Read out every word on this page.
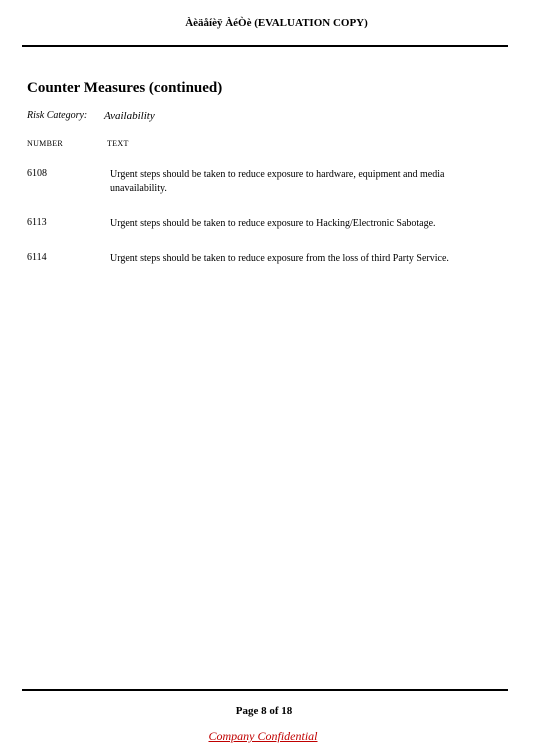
Àèäåíèÿ ÀéÒè (EVALUATION COPY)
Counter Measures (continued)
Risk Category: Availability
NUMBER	TEXT
6108	Urgent steps should be taken to reduce exposure to hardware, equipment and media unavailability.
6113	Urgent steps should be taken to reduce exposure to Hacking/Electronic Sabotage.
6114	Urgent steps should be taken to reduce exposure from the loss of third Party Service.
Page 8 of 18
Company Confidential
